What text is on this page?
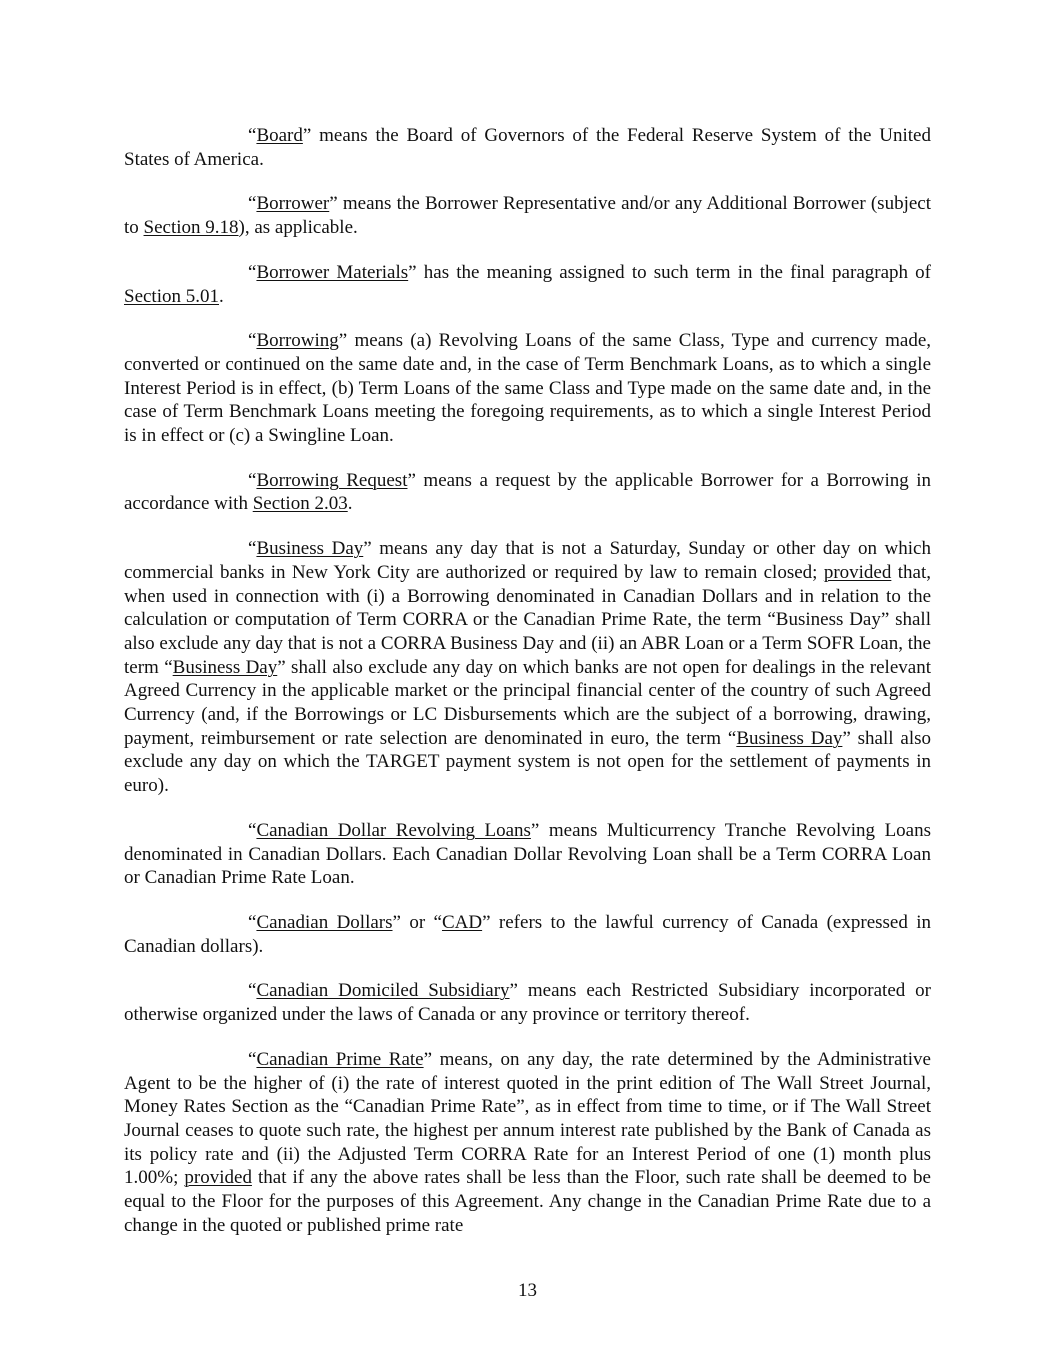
“Board” means the Board of Governors of the Federal Reserve System of the United States of America.

“Borrower” means the Borrower Representative and/or any Additional Borrower (subject to Section 9.18), as applicable.

“Borrower Materials” has the meaning assigned to such term in the final paragraph of Section 5.01.

“Borrowing” means (a) Revolving Loans of the same Class, Type and currency made, converted or continued on the same date and, in the case of Term Benchmark Loans, as to which a single Interest Period is in effect, (b) Term Loans of the same Class and Type made on the same date and, in the case of Term Benchmark Loans meeting the foregoing requirements, as to which a single Interest Period is in effect or (c) a Swingline Loan.

“Borrowing Request” means a request by the applicable Borrower for a Borrowing in accordance with Section 2.03.

“Business Day” means any day that is not a Saturday, Sunday or other day on which commercial banks in New York City are authorized or required by law to remain closed; provided that, when used in connection with (i) a Borrowing denominated in Canadian Dollars and in relation to the calculation or computation of Term CORRA or the Canadian Prime Rate, the term “Business Day” shall also exclude any day that is not a CORRA Business Day and (ii) an ABR Loan or a Term SOFR Loan, the term “Business Day” shall also exclude any day on which banks are not open for dealings in the relevant Agreed Currency in the applicable market or the principal financial center of the country of such Agreed Currency (and, if the Borrowings or LC Disbursements which are the subject of a borrowing, drawing, payment, reimbursement or rate selection are denominated in euro, the term “Business Day” shall also exclude any day on which the TARGET payment system is not open for the settlement of payments in euro).

“Canadian Dollar Revolving Loans” means Multicurrency Tranche Revolving Loans denominated in Canadian Dollars. Each Canadian Dollar Revolving Loan shall be a Term CORRA Loan or Canadian Prime Rate Loan.

“Canadian Dollars” or “CAD” refers to the lawful currency of Canada (expressed in Canadian dollars).

“Canadian Domiciled Subsidiary” means each Restricted Subsidiary incorporated or otherwise organized under the laws of Canada or any province or territory thereof.

“Canadian Prime Rate” means, on any day, the rate determined by the Administrative Agent to be the higher of (i) the rate of interest quoted in the print edition of The Wall Street Journal, Money Rates Section as the “Canadian Prime Rate”, as in effect from time to time, or if The Wall Street Journal ceases to quote such rate, the highest per annum interest rate published by the Bank of Canada as its policy rate and (ii) the Adjusted Term CORRA Rate for an Interest Period of one (1) month plus 1.00%; provided that if any the above rates shall be less than the Floor, such rate shall be deemed to be equal to the Floor for the purposes of this Agreement. Any change in the Canadian Prime Rate due to a change in the quoted or published prime rate

13
